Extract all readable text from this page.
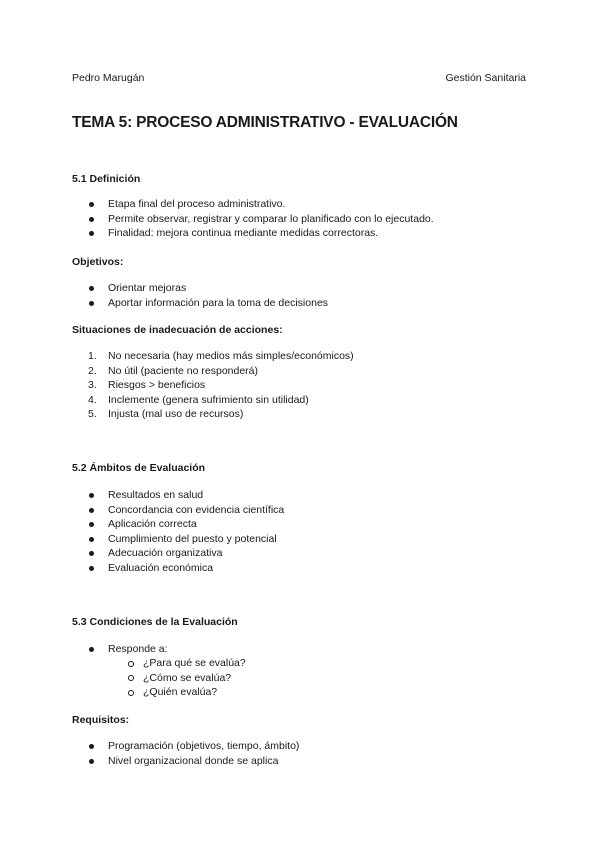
Pedro Marugán	Gestión Sanitaria
TEMA 5: PROCESO ADMINISTRATIVO - EVALUACIÓN
5.1 Definición
Etapa final del proceso administrativo.
Permite observar, registrar y comparar lo planificado con lo ejecutado.
Finalidad: mejora continua mediante medidas correctoras.
Objetivos:
Orientar mejoras
Aportar información para la toma de decisiones
Situaciones de inadecuación de acciones:
1. No necesaria (hay medios más simples/económicos)
2. No útil (paciente no responderá)
3. Riesgos > beneficios
4. Inclemente (genera sufrimiento sin utilidad)
5. Injusta (mal uso de recursos)
5.2 Ámbitos de Evaluación
Resultados en salud
Concordancia con evidencia científica
Aplicación correcta
Cumplimiento del puesto y potencial
Adecuación organizativa
Evaluación económica
5.3 Condiciones de la Evaluación
Responde a:
¿Para qué se evalúa?
¿Cómo se evalúa?
¿Quién evalúa?
Requisitos:
Programación (objetivos, tiempo, ámbito)
Nivel organizacional donde se aplica
